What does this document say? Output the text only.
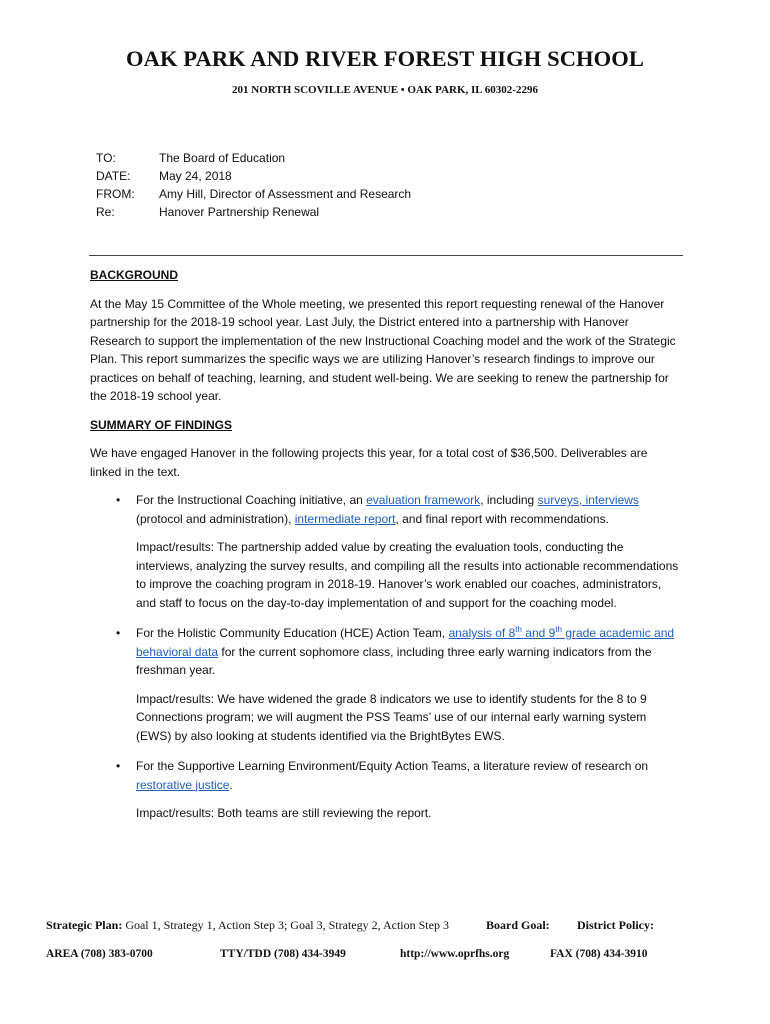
OAK PARK AND RIVER FOREST HIGH SCHOOL
201 NORTH SCOVILLE AVENUE • OAK PARK, IL 60302-2296
TO:	The Board of Education
DATE:	May 24, 2018
FROM:	Amy Hill, Director of Assessment and Research
Re:	Hanover Partnership Renewal
BACKGROUND
At the May 15 Committee of the Whole meeting, we presented this report requesting renewal of the Hanover partnership for the 2018-19 school year. Last July, the District entered into a partnership with Hanover Research to support the implementation of the new Instructional Coaching model and the work of the Strategic Plan. This report summarizes the specific ways we are utilizing Hanover’s research findings to improve our practices on behalf of teaching, learning, and student well-being. We are seeking to renew the partnership for the 2018-19 school year.
SUMMARY OF FINDINGS
We have engaged Hanover in the following projects this year, for a total cost of $36,500. Deliverables are linked in the text.
• For the Instructional Coaching initiative, an evaluation framework, including surveys, interviews (protocol and administration), intermediate report, and final report with recommendations.
Impact/results: The partnership added value by creating the evaluation tools, conducting the interviews, analyzing the survey results, and compiling all the results into actionable recommendations to improve the coaching program in 2018-19. Hanover’s work enabled our coaches, administrators, and staff to focus on the day-to-day implementation of and support for the coaching model.
• For the Holistic Community Education (HCE) Action Team, analysis of 8th and 9th grade academic and behavioral data for the current sophomore class, including three early warning indicators from the freshman year.
Impact/results: We have widened the grade 8 indicators we use to identify students for the 8 to 9 Connections program; we will augment the PSS Teams’ use of our internal early warning system (EWS) by also looking at students identified via the BrightBytes EWS.
• For the Supportive Learning Environment/Equity Action Teams, a literature review of research on restorative justice.
Impact/results: Both teams are still reviewing the report.
Strategic Plan: Goal 1, Strategy 1, Action Step 3; Goal 3, Strategy 2, Action Step 3	Board Goal:	District Policy:
AREA (708) 383-0700	TTY/TDD (708) 434-3949	http://www.oprfhs.org	FAX (708) 434-3910
